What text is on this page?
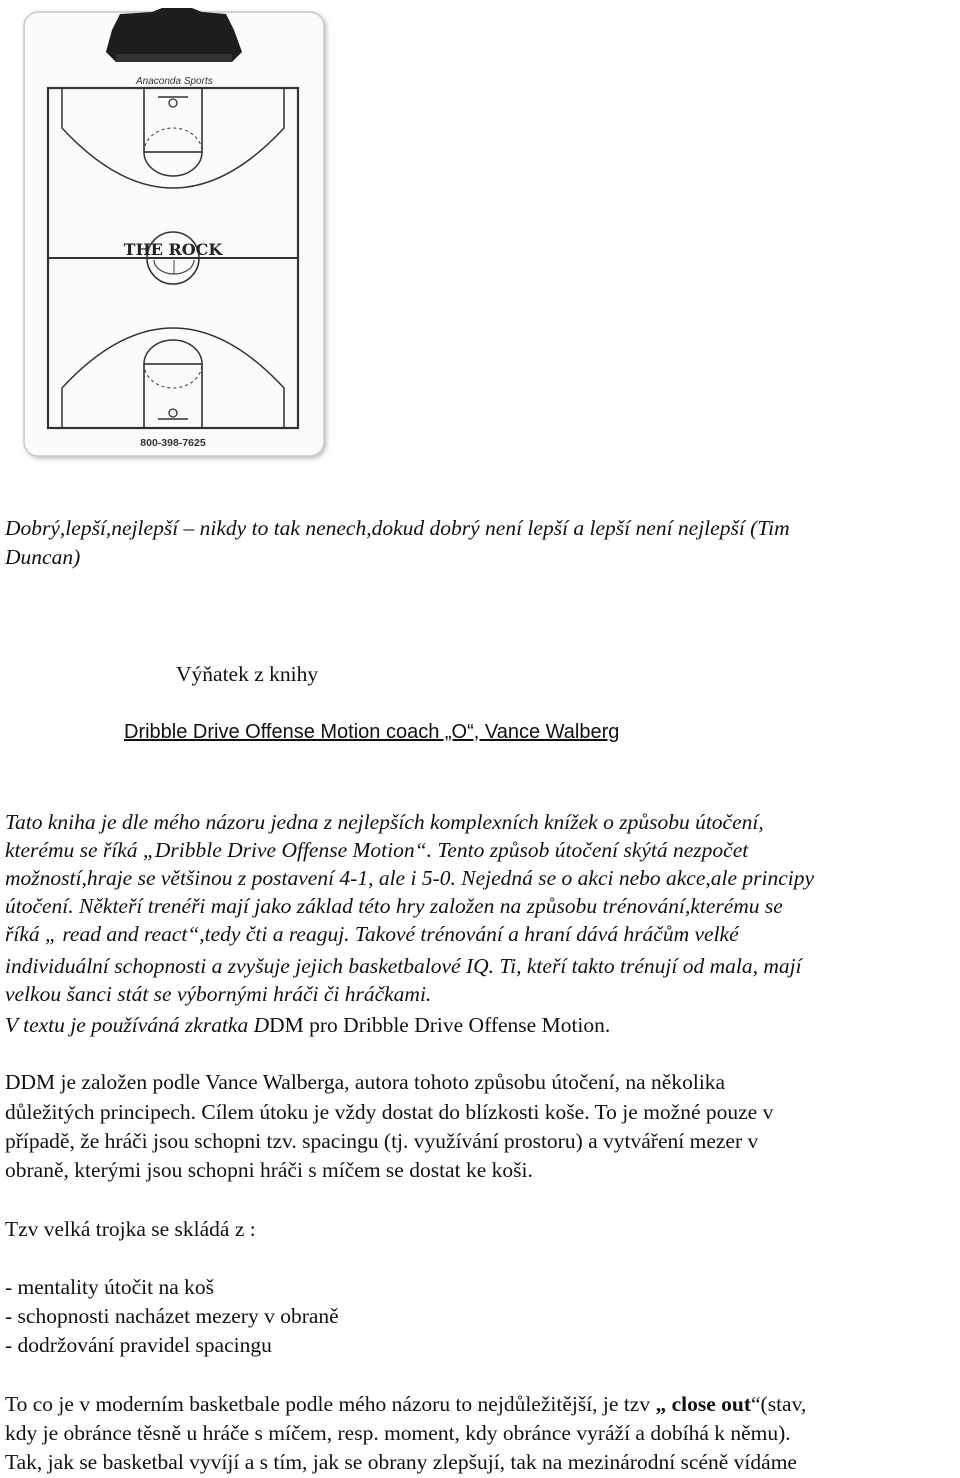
THE ROCK
Anaconda Sports
800-398-7625

Dobrý,lepší,nejlepší – nikdy to tak nenech,dokud dobrý není lepší a lepší není nejlepší (Tim

Duncan)

Výňatek z knihy

Dribble Drive Offense Motion coach „O“, Vance Walberg

Tato kniha je dle mého názoru jedna z nejlepších komplexních knížek o způsobu útočení,

kterému se říká „Dribble Drive Offense Motion“. Tento způsob útočení skýtá nezpočet

možností,hraje se většinou z postavení 4-1, ale i 5-0. Nejedná se o akci nebo akce,ale principy

útočení. Někteří trenéři mají jako základ této hry založen na způsobu trénování,kterému se

říká „ read and react“,tedy čti a reaguj. Takové trénování a hraní dává hráčům velké

individuální schopnosti a zvyšuje jejich basketbalové IQ. Ti, kteří takto trénují od mala, mají

velkou šanci stát se výbornými hráči či hráčkami.

V textu je používáná zkratka DDM pro Dribble Drive Offense Motion.

DDM je založen podle Vance Walberga, autora tohoto způsobu útočení, na několika

důležitých principech. Cílem útoku je vždy dostat do blízkosti koše. To je možné pouze v

případě, že hráči jsou schopni tzv. spacingu (tj. využívání prostoru) a vytváření mezer v

obraně, kterými jsou schopni hráči s míčem se dostat ke koši.

Tzv velká trojka se skládá z :

- mentality útočit na koš

- schopnosti nacházet mezery v obraně

- dodržování pravidel spacingu

To co je v moderním basketbale podle mého názoru to nejdůležitější, je tzv „ close out“(stav,

kdy je obránce těsně u hráče s míčem, resp. moment, kdy obránce vyráží a dobíhá k němu).

Tak, jak se basketbal vyvíjí a s tím, jak se obrany zlepšují, tak na mezinárodní scéně vídáme
